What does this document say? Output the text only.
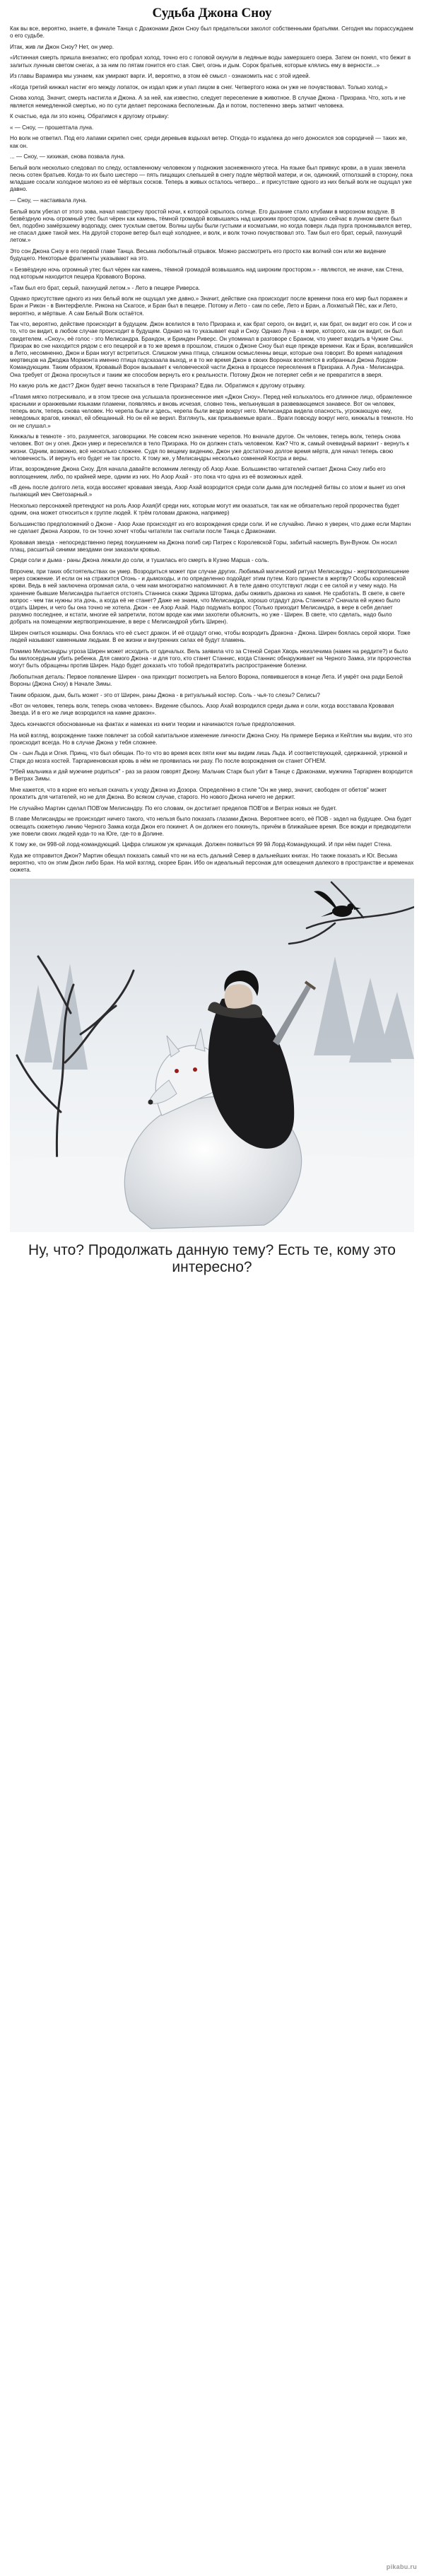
Судьба Джона Сноу

Как вы все, вероятно, знаете, в финале Танца с Драконами Джон Сноу был предательски заколот собственными братьями. Сегодня мы порассуждаем о его судьбе.

Итак, жив ли Джон Сноу? Нет, он умер.

«Истинная смерть пришла внезапно; его пробрал холод, точно его с головой окунули в ледяные воды замерзшего озера. Затем он понял, что бежит в залитых лунным светом снегах, а за ним по пятам гонится его стая. Свет, огонь и дым. Сорок братьев, которые клялись ему в верности...»

Из главы Варамира мы узнаем, как умирают варги. И, вероятно, в этом её смысл - ознакомить нас с этой идеей.

«Когда третий кинжал настиг его между лопаток, он издал крик и упал лицом в снег. Четвертого ножа он уже не почувствовал. Только холод.»

Снова холод. Значит, смерть настигла и Джона. А за ней, как известно, следует переселение в животное. В случае Джона - Призрака. Что, хоть и не является немедленной смертью, но по сути делает персонажа бесполезным. Да и потом, постепенно зверь затмит человека.

К счастью, еда ли это конец. Обратимся к другому отрывку:

« — Сноу, — прошептала луна.

Но волк не ответил. Под его лапами скрипел снег, среди деревьев вздыхал ветер. Откуда-то издалека до него доносился зов сородичей — таких же, как он.

... — Сноу, — хихикая, снова позвала луна.

Белый волк несколько следовал по следу, оставленному человеком у подножия заснеженного утеса. На языке был привкус крови, а в ушах звенела песнь сотен братьев. Когда-то их было шестеро — пять пищащих слепышей в снегу подле мёртвой матери, и он, одинокий, отползший в сторону, пока младшие сосали холодное молоко из её мёртвых сосков. Теперь в живых осталось четверо... и присутствие одного из них белый волк не ощущал уже давно.

— Сноу, — настаивала луна.

Белый волк убегал от этого зова, начал навстречу простой ночи, к которой скрылось солнце. Его дыхание стало клубами в морозном воздухе. В безвёздную ночь огромный утес был чёрен как камень, тёмной громадой возвышаясь над широким простором, однако сейчас в лунном свете был бел, подобно замёрзшему водопаду, смех тусклым светом. Волны шубы были густыми и косматыми, но когда поверх льда пурга прономывался ветер, не спасал даже такой мех. На другой стороне ветер был ещё холоднее, и волк, и волк точно почувствовал это. Там был его брат, серый, пахнущий летом.»

Это сон Джона Сноу в его первой главе Танца. Весьма любопытный отрывок. Можно рассмотреть его просто как волчий сон или же видение будущего. Некоторые фрагменты указывают на это.

« Безвёздную ночь огромный утес был чёрен как камень, тёмной громадой возвышаясь над широким простором.» - являются, не иначе, как Стена, под которым находится пещера Кровавого Ворона.

«Там был его брат, серый, пахнущий летом.» - Лето в пещере Риверса.

Однако присутствие одного из них белый волк не ощущал уже давно.» Значит, действие сна происходит после времени пока его мир был поражен и Бран и Рикон - в Винтерфелле. Рикона на Скагосе, и Бран был в пещере. Потому и Лето - сам по себе, Лето и Бран, а Лохматый Пёс, как и Лето, вероятно, и мёртвые. А сам Белый Волк остаётся.

Так что, вероятно, действие происходит в будущем. Джон вселился в тело Призрака и, как брат серого, он видит, и, как брат, он видит его сон. И сон и то, что он видит, в любом случае происходит в будущем. Однако на то указывает ещё и Сноу. Однако Луна - в мире, которого, как он видит, он был свидетелем. «Сноу», её голос - это Мелисандра. Брандон, и Бринден Риверс. Он упоминал в разговоре с Браном, что умеет входить в Чужие Сны. Призрак во сне находится рядом с его пещерой и в то же время в прошлом, стишок о Джоне Сноу был еще прежде времени. Как и Бран, вселившийся в Лето, несомненно, Джон и Бран могут встретиться. Слишком умна птица, слишком осмысленны вещи, которые она говорит. Во время нападения мертвецов на Джоджа Мормонта именно птица подсказала выход, и в то же время Джон в своих Воронах вселяется в избранных Джона Лордом-Командующим. Таким образом, Кровавый Ворон вызывает к человеческой части Джона в процессе переселения в Призрака. А Луна - Мелисандра. Она требует от Джона проснуться и таким же способом вернуть его к реальности. Потому Джон не потеряет себя и не превратится в зверя.

Но какую роль же даст? Джон будет вечно таскаться в теле Призрака? Едва ли. Обратимся к другому отрывку.

«Пламя мягко потрескивало, и в этом треске она услышала произнесенное имя «Джон Сноу». Перед ней колыхалось его длинное лицо, обрамленное красными и оранжевыми языками пламени, появляясь и вновь исчезая, словно тень, мелькнувшая в развевающемся занавесе. Вот он человек, теперь волк, теперь снова человек. Но черепа были и здесь, черепа были везде вокруг него. Мелисандра видела опасность, угрожающую ему, неведомых врагов, кинжал, ей обещанный. Но он ей не верил. Взглянуть, как призываемые враги... Враги повсюду вокруг него, кинжалы в темноте. Но он не слушал.»

Кинжалы в темноте - это, разумеется, заговорщики. Не совсем ясно значение черепов. Но вначале другое. Он человек, теперь волк, теперь снова человек. Вот он у огня. Джон умер и переселился в тело Призрака. Но он должен стать человеком. Как? Что ж, самый очевидный вариант - вернуть к жизни. Одним, возможно, всё несколько сложнее. Судя по вещему видению, Джон уже достаточно долгое время мёртв, для начал теперь свою человечность. И вернуть его будет не так просто. К тому же, у Мелисандры несколько сомнений Костра и веры.

Итак, возрождение Джона Сноу. Для начала давайте вспомним легенду об Азор Ахае. Большинство читателей считает Джона Сноу либо его воплощением, либо, по крайней мере, одним из них. Но Азор Ахай - это пока что одна из её возможных идей.

«В день после долгого лета, когда воссияет кровавая звезда, Азор Ахай возродится среди соли дыма для последней битвы со злом и вынет из огня пылающий меч Светозарный.»

Несколько персонажей претендуют на роль Азор Ахая(И среди них, которым могут им оказаться, так как не обязательно герой пророчества будет одним, она может относиться к группе людей. К трём головам дракона, например)

Большинство предположений о Джоне - Азор Ахае происходят из его возрождения среди соли. И не случайно. Лично я уверен, что даже если Мартин не сделает Джона Азором, то он точно хочет чтобы читатели так считали после Танца с Драконами.

Кровавая звезда - непосредственно перед покушением на Джона погиб сир Патрек с Королевской Горы, забитый насмерть Вун-Вуном. Он носил плащ, расшитый синими звездами они заказали кровью.

Среди соли и дыма - раны Джона лежали до соли, и тушилась его смерть в Кузню Марша - соль.

Впрочем, при таких обстоятельствах он умер. Возродиться может при случае других. Любимый магический ритуал Мелисандры - жертвоприношение через сожжение. И если он на стражится Огонь - и дымоходы, и по определенно подойдет этим путем. Кого принести в жертву? Особы королевской крови. Ведь в ней заключена огромная сила, о чем нам многократно напоминают. А в теле давно отсутствуют люди с ее силой и у чему надо. На хранение бывшие Мелисандра пытается отстоять Станниса скажи Эдрика Шторма, дабы оживить дракона из камня. Не сработать. В свете, в свете вопрос - чем так нужны эта дочь, а когда её не станет? Даже не знаем, что Мелисандра, хорошо отдадут дочь Станниса? Сначала ей нужно было отдать Ширен, и чего бы она точно не хотела. Джон - ее Азор Ахай. Надо подумать вопрос (Только приходит Мелисандра, в вере в себя делает разумно последнее, и кстати, многие ей запретили, потом вроде как ими захотели объяснить, но уже - Ширен. В свете, что сделать, надо было добрать на помещении жертвоприношение, в вере с Мелисандрой убить Ширен).

Ширен сниться кошмары. Она боялась что её съест дракон. И её отдадут огню, чтобы возродить Дракона - Джона. Ширен боялась серой хвори. Тоже людей называют каменными людьми. В ее жизни и внутренних силах её будут пламень.

Помимо Мелисандры угроза Ширен может исходить от одичалых. Вель заявила что за Стеной Серая Хворь неизлечима (намек на реддите?) и было бы милосердным убить ребенка. Для самого Джона - и для того, кто станет Станнис, когда Станнис обнаруживает на Черного Замка, эти пророчества могут быть обращены против Ширен. Надо будет доказать что тобой предотвратить распространение болезни.

Любопытная деталь: Первое появление Ширен - она приходит посмотреть на Белого Ворона, появившегося в конце Лета. И умрёт она ради Белой Вороны (Джона Сноу) в Начале Зимы.

Таким образом, дым, быть может - это от Ширен, раны Джона - в ритуальный костер. Соль - чья-то слезы? Селисы?

«Вот он человек, теперь волк, теперь снова человек». Видение сбылось. Азор Ахай возродился среди дыма и соли, когда восставала Кровавая Звезда. И в его же лице возродился на камне дракон».

Здесь кончаются обоснованные на фактах и намеках из книги теории и начинаются голые предположения.

На мой взгляд, возрождение также повлечет за собой капитальное изменение личности Джона Сноу. На примере Берика и Кейтлин мы видим, что это происходит всегда. Но в случае Джона у тебя сложнее.

Он - сын Льда и Огня. Принц, что был обещан. По-то что во время всех пяти книг мы видим лишь Льда. И соответствующей, сдержанной, угрюмой и Старк до мозга костей. Таргариеновская кровь в нём не проявилась ни разу. По после возрождения он станет ОГНЕМ.

"Убей мальчика и дай мужчине родиться" - раз за разом говорят Джону. Мальчик Старк был убит в Танце с Драконами, мужчина Таргариен возродится в Ветрах Зимы.

Мне кажется, что в корне его нельзя скачать к уходу Джона из Дозора. Определённо в стиле "Он же умер, значит, свободен от обетов" может прокатить для читателей, но не для Джона. Во всяком случае, старого. Но нового Джона ничего не держит.

Не случайно Мартин сделал ПОВ'ом Мелисандру. По его словам, он достигает пределов ПОВ'ов и Ветрах новых не будет.

В главе Мелисандры не происходит ничего такого, что нельзя было показать глазами Джона. Вероятнее всего, её ПОВ - задел на будущее. Она будет освещать сюжетную линию Черного Замка когда Джон его покинет. А он должен его покинуть, причём в ближайшее время. Все вожди и предводители уже повели своих людей куда-то на Юге, где-то в Долине.

К тому же, он 998-ой лорд-командующий. Цифра слишком уж кричащая. Должен появиться 99 9й Лорд-Командующий. И при нём падет Стена.

Куда же отправится Джон? Мартин обещал показать самый что ни на есть дальний Север в дальнейших книгах. Но также показать и Юг. Весьма вероятно, что он этим Джон либо Бран. На мой взгляд, скорее Бран. Ибо он идеальный персонаж для освещения далекого в пространстве и временах сюжета.

Ну, что? Продолжать данную тему? Есть те, кому это интересно?
pikabu.ru
